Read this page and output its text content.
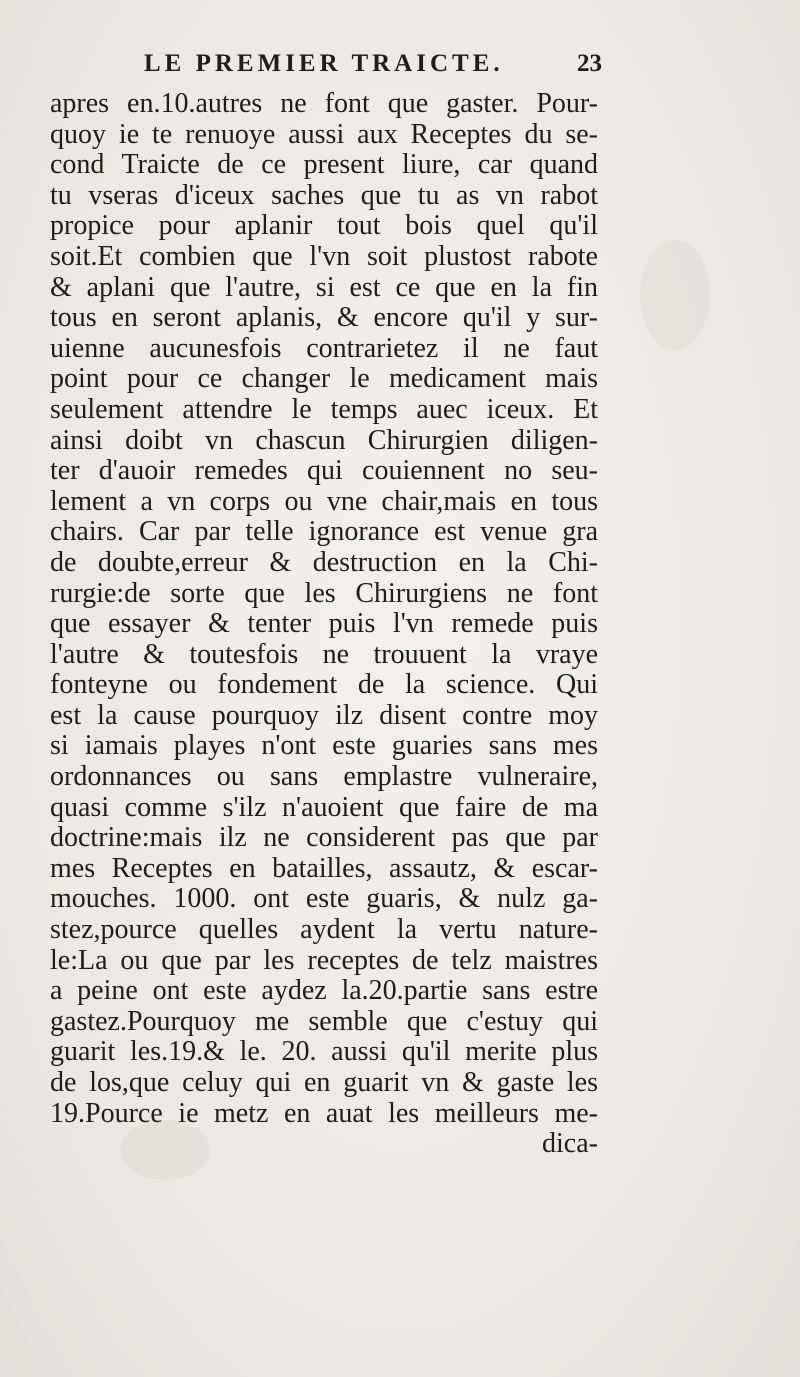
LE PREMIER TRAICTE.	23
apres en.10.autres ne font que gaster. Pour-
quoy ie te renuoye aussi aux Receptes du se-
cond Traicte de ce present liure, car quand
tu vseras d'iceux saches que tu as vn rabot
propice pour aplanir tout bois quel qu'il
soit.Et combien que l'vn soit plustost rabote
& aplani que l'autre, si est ce que en la fin
tous en seront aplanis, & encore qu'il y sur-
uienne aucunesfois contrarietez il ne faut
point pour ce changer le medicament mais
seulement attendre le temps auec iceux. Et
ainsi doibt vn chascun Chirurgien diligen-
ter d'auoir remedes qui couiennent no seu-
lement a vn corps ou vne chair,mais en tous
chairs. Car par telle ignorance est venue gra
de doubte,erreur & destruction en la Chi-
rurgie:de sorte que les Chirurgiens ne font
que essayer & tenter puis l'vn remede puis
l'autre & toutesfois ne trouuent la vraye
fonteyne ou fondement de la science. Qui
est la cause pourquoy ilz disent contre moy
si iamais playes n'ont este guaries sans mes
ordonnances ou sans emplastre vulneraire,
quasi comme s'ilz n'auoient que faire de ma
doctrine:mais ilz ne considerent pas que par
mes Receptes en batailles, assautz, & escar-
mouches. 1000. ont este guaris, & nulz ga-
stez,pource quelles aydent la vertu nature-
le:La ou que par les receptes de telz maistres
a peine ont este aydez la.20.partie sans estre
gastez.Pourquoy me semble que c'estuy qui
guarit les.19.& le. 20. aussi qu'il merite plus
de los,que celuy qui en guarit vn & gaste les
19.Pource ie metz en auat les meilleurs me-
dica-
